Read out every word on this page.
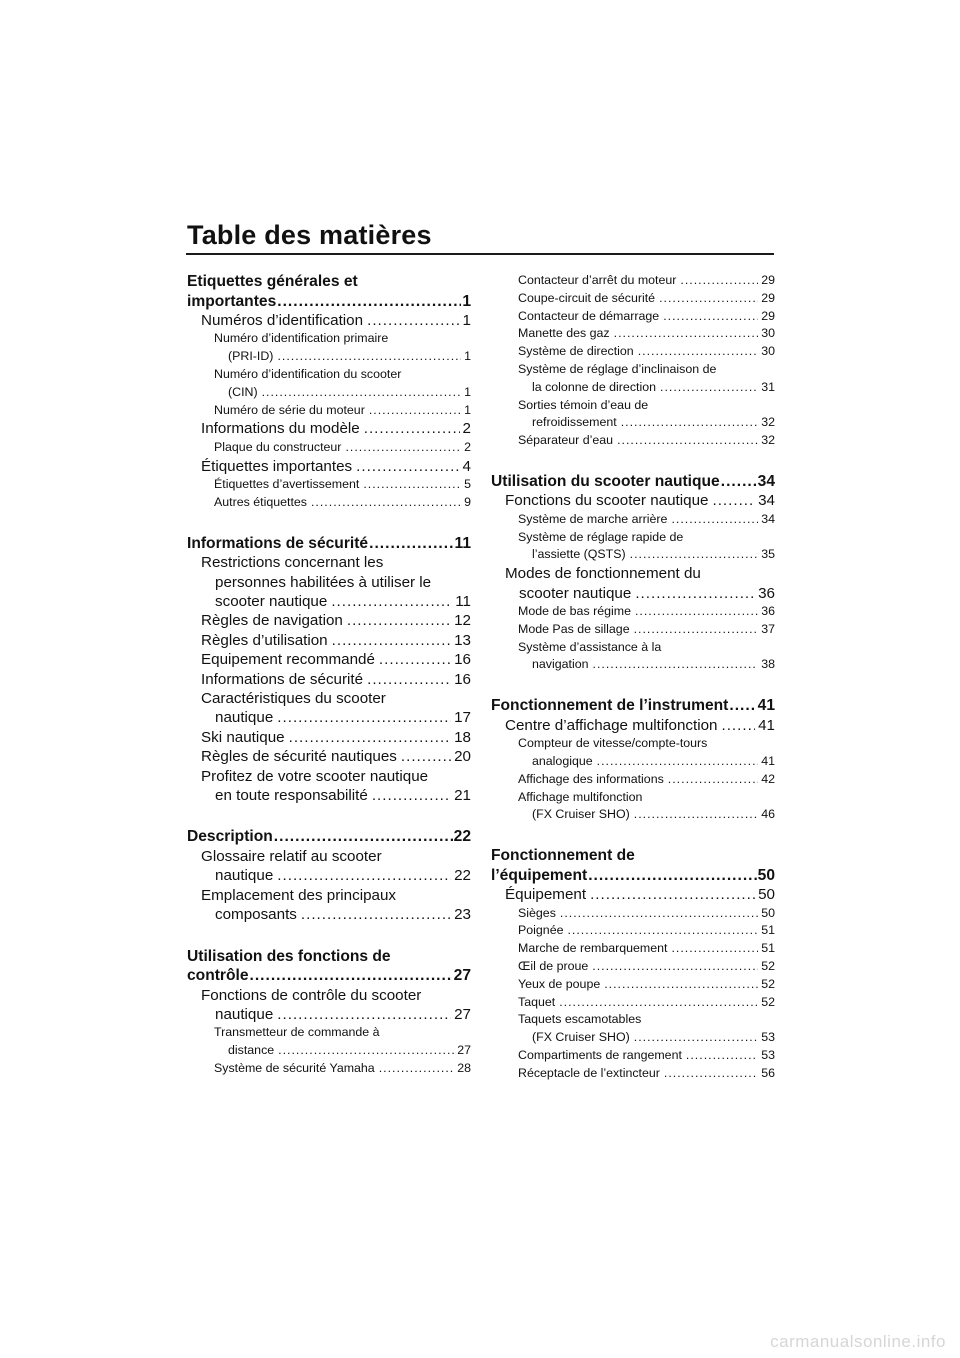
Table des matières
Etiquettes générales et
importantes .....	1
Numéros d’identification .....	1
Numéro d’identification primaire
(PRI-ID) .....	1
Numéro d’identification du scooter
(CIN) .....	1
Numéro de série du moteur .....	1
Informations du modèle .....	2
Plaque du constructeur .....	2
Étiquettes importantes .....	4
Étiquettes d’avertissement .....	5
Autres étiquettes .....	9
Informations de sécurité .....	11
Restrictions concernant les
personnes habilitées à utiliser le
scooter nautique .....	11
Règles de navigation .....	12
Règles d’utilisation .....	13
Equipement recommandé .....	16
Informations de sécurité .....	16
Caractéristiques du scooter
nautique .....	17
Ski nautique .....	18
Règles de sécurité nautiques .....	20
Profitez de votre scooter nautique
en toute responsabilité .....	21
Description .....	22
Glossaire relatif au scooter
nautique .....	22
Emplacement des principaux
composants .....	23
Utilisation des fonctions de
contrôle .....	27
Fonctions de contrôle du scooter
nautique .....	27
Transmetteur de commande à
distance .....	27
Système de sécurité Yamaha .....	28
Contacteur d’arrêt du moteur .....	29
Coupe-circuit de sécurité .....	29
Contacteur de démarrage .....	29
Manette des gaz .....	30
Système de direction .....	30
Système de réglage d’inclinaison de
la colonne de direction .....	31
Sorties témoin d’eau de
refroidissement .....	32
Séparateur d’eau .....	32
Utilisation du scooter nautique ..... 34
Fonctions du scooter nautique .....	34
Système de marche arrière .....	34
Système de réglage rapide de
l’assiette (QSTS) .....	35
Modes de fonctionnement du
scooter nautique .....	36
Mode de bas régime .....	36
Mode Pas de sillage .....	37
Système d’assistance à la
navigation .....	38
Fonctionnement de l’instrument ..... 41
Centre d’affichage multifonction .....	41
Compteur de vitesse/compte-tours
analogique .....	41
Affichage des informations .....	42
Affichage multifonction
(FX Cruiser SHO) .....	46
Fonctionnement de
l’équipement .....	50
Équipement .....	50
Sièges .....	50
Poignée .....	51
Marche de rembarquement .....	51
Œil de proue .....	52
Yeux de poupe .....	52
Taquet .....	52
Taquets escamotables
(FX Cruiser SHO) .....	53
Compartiments de rangement .....	53
Réceptacle de l’extincteur .....	56
carmanualsonline.info
